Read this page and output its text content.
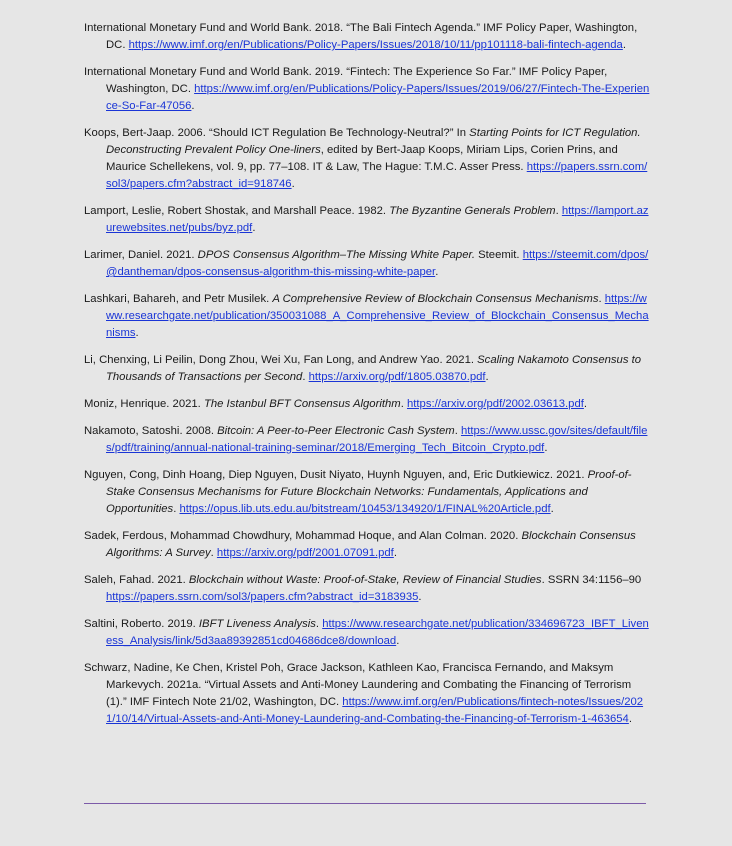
International Monetary Fund and World Bank. 2018. “The Bali Fintech Agenda.” IMF Policy Paper, Washington, DC. https://www.imf.org/en/Publications/Policy-Papers/Issues/2018/10/11/pp101118-bali-fintech-agenda.

International Monetary Fund and World Bank. 2019. “Fintech: The Experience So Far.” IMF Policy Paper, Washington, DC. https://www.imf.org/en/Publications/Policy-Papers/Issues/2019/06/27/Fintech-The-Experience-So-Far-47056.

Koops, Bert-Jaap. 2006. “Should ICT Regulation Be Technology-Neutral?” In Starting Points for ICT Regulation. Deconstructing Prevalent Policy One-liners, edited by Bert-Jaap Koops, Miriam Lips, Corien Prins, and Maurice Schellekens, vol. 9, pp. 77–108. IT & Law, The Hague: T.M.C. Asser Press. https://papers.ssrn.com/sol3/papers.cfm?abstract_id=918746.

Lamport, Leslie, Robert Shostak, and Marshall Peace. 1982. The Byzantine Generals Problem. https://lamport.azurewebsites.net/pubs/byz.pdf.

Larimer, Daniel. 2021. DPOS Consensus Algorithm–The Missing White Paper. Steemit. https://steemit.com/dpos/@dantheman/dpos-consensus-algorithm-this-missing-white-paper.

Lashkari, Bahareh, and Petr Musilek. A Comprehensive Review of Blockchain Consensus Mechanisms. https://www.researchgate.net/publication/350031088_A_Comprehensive_Review_of_Blockchain_Consensus_Mechanisms.

Li, Chenxing, Li Peilin, Dong Zhou, Wei Xu, Fan Long, and Andrew Yao. 2021. Scaling Nakamoto Consensus to Thousands of Transactions per Second. https://arxiv.org/pdf/1805.03870.pdf.

Moniz, Henrique. 2021. The Istanbul BFT Consensus Algorithm. https://arxiv.org/pdf/2002.03613.pdf.

Nakamoto, Satoshi. 2008. Bitcoin: A Peer-to-Peer Electronic Cash System. https://www.ussc.gov/sites/default/files/pdf/training/annual-national-training-seminar/2018/Emerging_Tech_Bitcoin_Crypto.pdf.

Nguyen, Cong, Dinh Hoang, Diep Nguyen, Dusit Niyato, Huynh Nguyen, and, Eric Dutkiewicz. 2021. Proof-of-Stake Consensus Mechanisms for Future Blockchain Networks: Fundamentals, Applications and Opportunities. https://opus.lib.uts.edu.au/bitstream/10453/134920/1/FINAL%20Article.pdf.

Sadek, Ferdous, Mohammad Chowdhury, Mohammad Hoque, and Alan Colman. 2020. Blockchain Consensus Algorithms: A Survey. https://arxiv.org/pdf/2001.07091.pdf.

Saleh, Fahad. 2021. Blockchain without Waste: Proof-of-Stake, Review of Financial Studies. SSRN 34:1156–90 https://papers.ssrn.com/sol3/papers.cfm?abstract_id=3183935.

Saltini, Roberto. 2019. IBFT Liveness Analysis. https://www.researchgate.net/publication/334696723_IBFT_Liveness_Analysis/link/5d3aa89392851cd04686dce8/download.

Schwarz, Nadine, Ke Chen, Kristel Poh, Grace Jackson, Kathleen Kao, Francisca Fernando, and Maksym Markevych. 2021a. “Virtual Assets and Anti-Money Laundering and Combating the Financing of Terrorism (1).” IMF Fintech Note 21/02, Washington, DC. https://www.imf.org/en/Publications/fintech-notes/Issues/2021/10/14/Virtual-Assets-and-Anti-Money-Laundering-and-Combating-the-Financing-of-Terrorism-1-463654.
